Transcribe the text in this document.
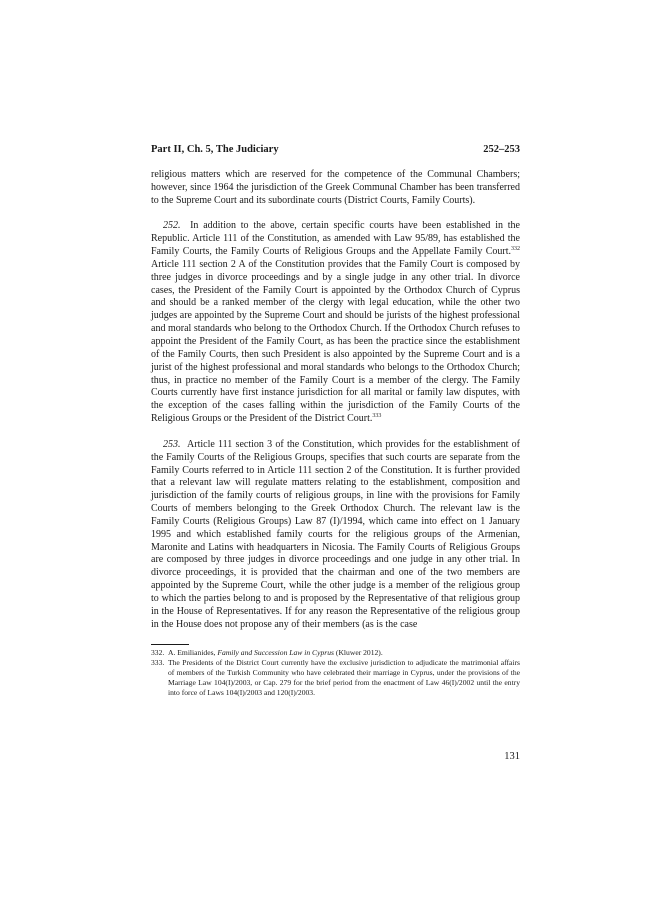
Part II, Ch. 5, The Judiciary	252–253

religious matters which are reserved for the competence of the Communal Chambers; however, since 1964 the jurisdiction of the Greek Communal Chamber has been transferred to the Supreme Court and its subordinate courts (District Courts, Family Courts).

252. In addition to the above, certain specific courts have been established in the Republic. Article 111 of the Constitution, as amended with Law 95/89, has established the Family Courts, the Family Courts of Religious Groups and the Appellate Family Court.$^{332}$ Article 111 section 2 A of the Constitution provides that the Family Court is composed by three judges in divorce proceedings and by a single judge in any other trial. In divorce cases, the President of the Family Court is appointed by the Orthodox Church of Cyprus and should be a ranked member of the clergy with legal education, while the other two judges are appointed by the Supreme Court and should be jurists of the highest professional and moral standards who belong to the Orthodox Church. If the Orthodox Church refuses to appoint the President of the Family Court, as has been the practice since the establishment of the Family Courts, then such President is also appointed by the Supreme Court and is a jurist of the highest professional and moral standards who belongs to the Orthodox Church; thus, in practice no member of the Family Court is a member of the clergy. The Family Courts currently have first instance jurisdiction for all marital or family law disputes, with the exception of the cases falling within the jurisdiction of the Family Courts of the Religious Groups or the President of the District Court.$^{333}$

253. Article 111 section 3 of the Constitution, which provides for the establishment of the Family Courts of the Religious Groups, specifies that such courts are separate from the Family Courts referred to in Article 111 section 2 of the Constitution. It is further provided that a relevant law will regulate matters relating to the establishment, composition and jurisdiction of the family courts of religious groups, in line with the provisions for Family Courts of members belonging to the Greek Orthodox Church. The relevant law is the Family Courts (Religious Groups) Law 87 (I)/1994, which came into effect on 1 January 1995 and which established family courts for the religious groups of the Armenian, Maronite and Latins with headquarters in Nicosia. The Family Courts of Religious Groups are composed by three judges in divorce proceedings and one judge in any other trial. In divorce proceedings, it is provided that the chairman and one of the two members are appointed by the Supreme Court, while the other judge is a member of the religious group to which the parties belong to and is proposed by the Representative of that religious group in the House of Representatives. If for any reason the Representative of the religious group in the House does not propose any of their members (as is the case

332. A. Emilianides, Family and Succession Law in Cyprus (Kluwer 2012).
333. The Presidents of the District Court currently have the exclusive jurisdiction to adjudicate the matrimonial affairs of members of the Turkish Community who have celebrated their marriage in Cyprus, under the provisions of the Marriage Law 104(I)/2003, or Cap. 279 for the brief period from the enactment of Law 46(I)/2002 until the entry into force of Laws 104(I)/2003 and 120(I)/2003.
131
